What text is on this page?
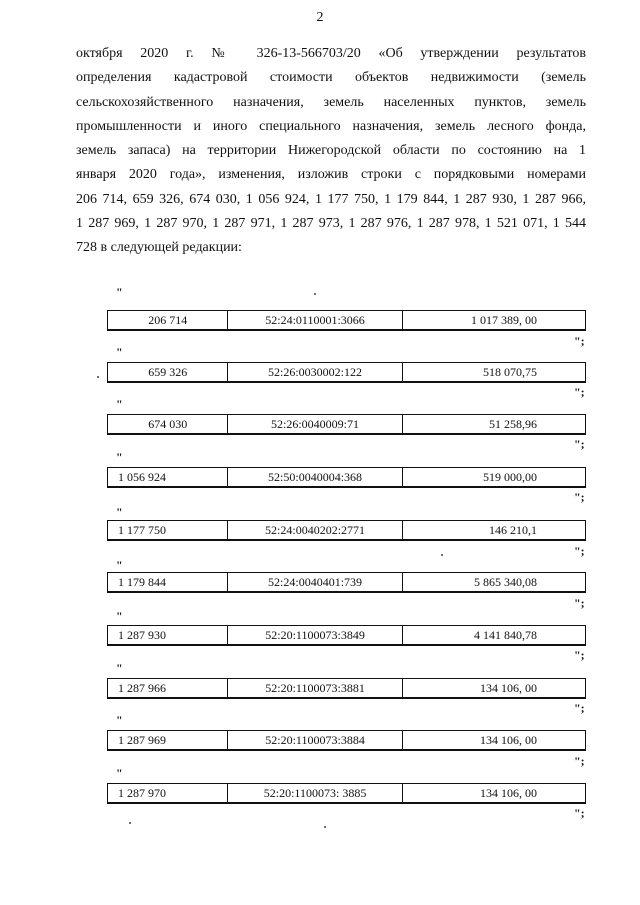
2
октября 2020 г. № 326-13-566703/20 «Об утверждении результатов
определения кадастровой стоимости объектов недвижимости (земель
сельскохозяйственного назначения, земель населенных пунктов, земель
промышленности и иного специального назначения, земель лесного фонда,
земель запаса) на территории Нижегородской области по состоянию на 1
января 2020 года», изменения, изложив строки с порядковыми номерами
206 714, 659 326, 674 030, 1 056 924, 1 177 750, 1 179 844, 1 287 930, 1 287 966,
1 287 969, 1 287 970, 1 287 971, 1 287 973, 1 287 976, 1 287 978, 1 521 071, 1 544
728 в следующей редакции:
"
206 714	52:24:0110001:3066	1 017 389, 00
";
"
659 326	52:26:0030002:122	518 070,75
";
"
674 030	52:26:0040009:71	51 258,96
";
"
1 056 924	52:50:0040004:368	519 000,00
";
"
1 177 750	52:24:0040202:2771	146 210,1
";
"
1 179 844	52:24:0040401:739	5 865 340,08
";
"
1 287 930	52:20:1100073:3849	4 141 840,78
";
"
1 287 966	52:20:1100073:3881	134 106, 00
";
"
1 287 969	52:20:1100073:3884	134 106, 00
";
"
1 287 970	52:20:1100073: 3885	134 106, 00
";
